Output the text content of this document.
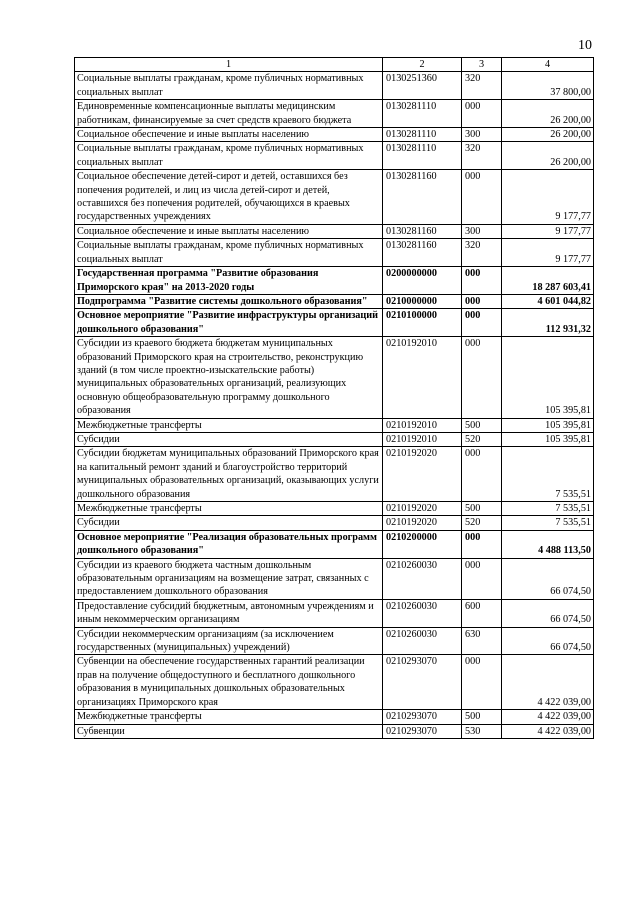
10
1	2	3	4
Социальные выплаты гражданам, кроме публичных нормативных социальных выплат	0130251360	320	37 800,00
Единовременные компенсационные выплаты медицинским работникам, финансируемые за счет средств краевого бюджета	0130281110	000	26 200,00
Социальное обеспечение и иные выплаты населению	0130281110	300	26 200,00
Социальные выплаты гражданам, кроме публичных нормативных социальных выплат	0130281110	320	26 200,00
Социальное обеспечение детей-сирот и детей, оставшихся без попечения родителей, и лиц из числа детей-сирот и детей, оставшихся без попечения родителей, обучающихся в краевых государственных учреждениях	0130281160	000	9 177,77
Социальное обеспечение и иные выплаты населению	0130281160	300	9 177,77
Социальные выплаты гражданам, кроме публичных нормативных социальных выплат	0130281160	320	9 177,77
Государственная программа "Развитие образования Приморского края" на 2013-2020 годы	0200000000	000	18 287 603,41
Подпрограмма "Развитие системы дошкольного образования"	0210000000	000	4 601 044,82
Основное мероприятие "Развитие инфраструктуры организаций дошкольного образования"	0210100000	000	112 931,32
Субсидии из краевого бюджета бюджетам муниципальных образований Приморского края на строительство, реконструкцию зданий (в том числе проектно-изыскательские работы) муниципальных образовательных организаций, реализующих основную общеобразовательную программу дошкольного образования	0210192010	000	105 395,81
Межбюджетные трансферты	0210192010	500	105 395,81
Субсидии	0210192010	520	105 395,81
Субсидии бюджетам муниципальных образований Приморского края на капитальный ремонт зданий и благоустройство территорий муниципальных образовательных организаций, оказывающих услуги дошкольного образования	0210192020	000	7 535,51
Межбюджетные трансферты	0210192020	500	7 535,51
Субсидии	0210192020	520	7 535,51
Основное мероприятие "Реализация образовательных программ дошкольного образования"	0210200000	000	4 488 113,50
Субсидии из краевого бюджета частным дошкольным образовательным организациям на возмещение затрат, связанных с предоставлением дошкольного образования	0210260030	000	66 074,50
Предоставление субсидий бюджетным, автономным учреждениям и иным некоммерческим организациям	0210260030	600	66 074,50
Субсидии некоммерческим организациям (за исключением государственных (муниципальных) учреждений)	0210260030	630	66 074,50
Субвенции на обеспечение государственных гарантий реализации прав на получение общедоступного и бесплатного дошкольного образования в муниципальных дошкольных образовательных организациях Приморского края	0210293070	000	4 422 039,00
Межбюджетные трансферты	0210293070	500	4 422 039,00
Субвенции	0210293070	530	4 422 039,00
